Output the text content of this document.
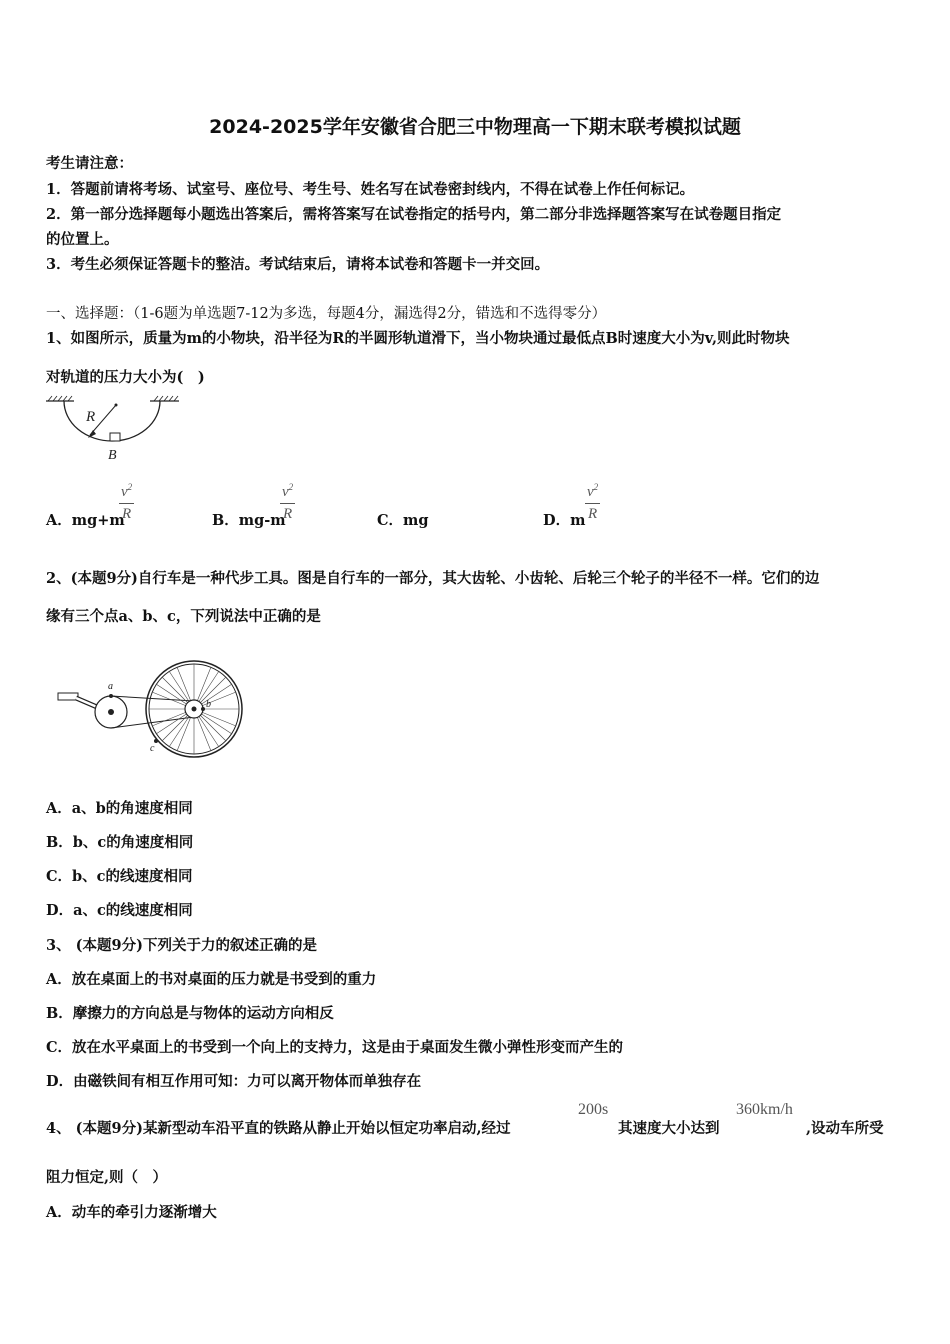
2024-2025学年安徽省合肥三中物理高一下期末联考模拟试题
考生请注意：
1．答题前请将考场、试室号、座位号、考生号、姓名写在试卷密封线内，不得在试卷上作任何标记。
2．第一部分选择题每小题选出答案后，需将答案写在试卷指定的括号内，第二部分非选择题答案写在试卷题目指定
的位置上。
3．考生必须保证答题卡的整洁。考试结束后，请将本试卷和答题卡一并交回。
一、选择题：（1-6题为单选题7-12为多选，每题4分，漏选得2分，错选和不选得零分）
1、如图所示，质量为m的小物块，沿半径为R的半圆形轨道滑下，当小物块通过最低点B时速度大小为v,则此时物块
对轨道的压力大小为(　)
R
B
A．mg+m
$\frac{v^2}{R}$	B．mg-m
$\frac{v^2}{R}$	C．mg	D．m $\frac{v^2}{R}$
2、(本题9分)自行车是一种代步工具。图是自行车的一部分，其大齿轮、小齿轮、后轮三个轮子的半径不一样。它们的边
缘有三个点a、b、c，下列说法中正确的是
a
b
c
A．a、b的角速度相同
B．b、c的角速度相同
C．b、c的线速度相同
D．a、c的线速度相同
3、 (本题9分)下列关于力的叙述正确的是
A．放在桌面上的书对桌面的压力就是书受到的重力
B．摩擦力的方向总是与物体的运动方向相反
C．放在水平桌面上的书受到一个向上的支持力，这是由于桌面发生微小弹性形变而产生的
D．由磁铁间有相互作用可知：力可以离开物体而单独存在
4、 (本题9分)某新型动车沿平直的铁路从静止开始以恒定功率启动,经过
200s
其速度大小达到
360km/h
,设动车所受
阻力恒定,则（　）
A．动车的牵引力逐渐增大
